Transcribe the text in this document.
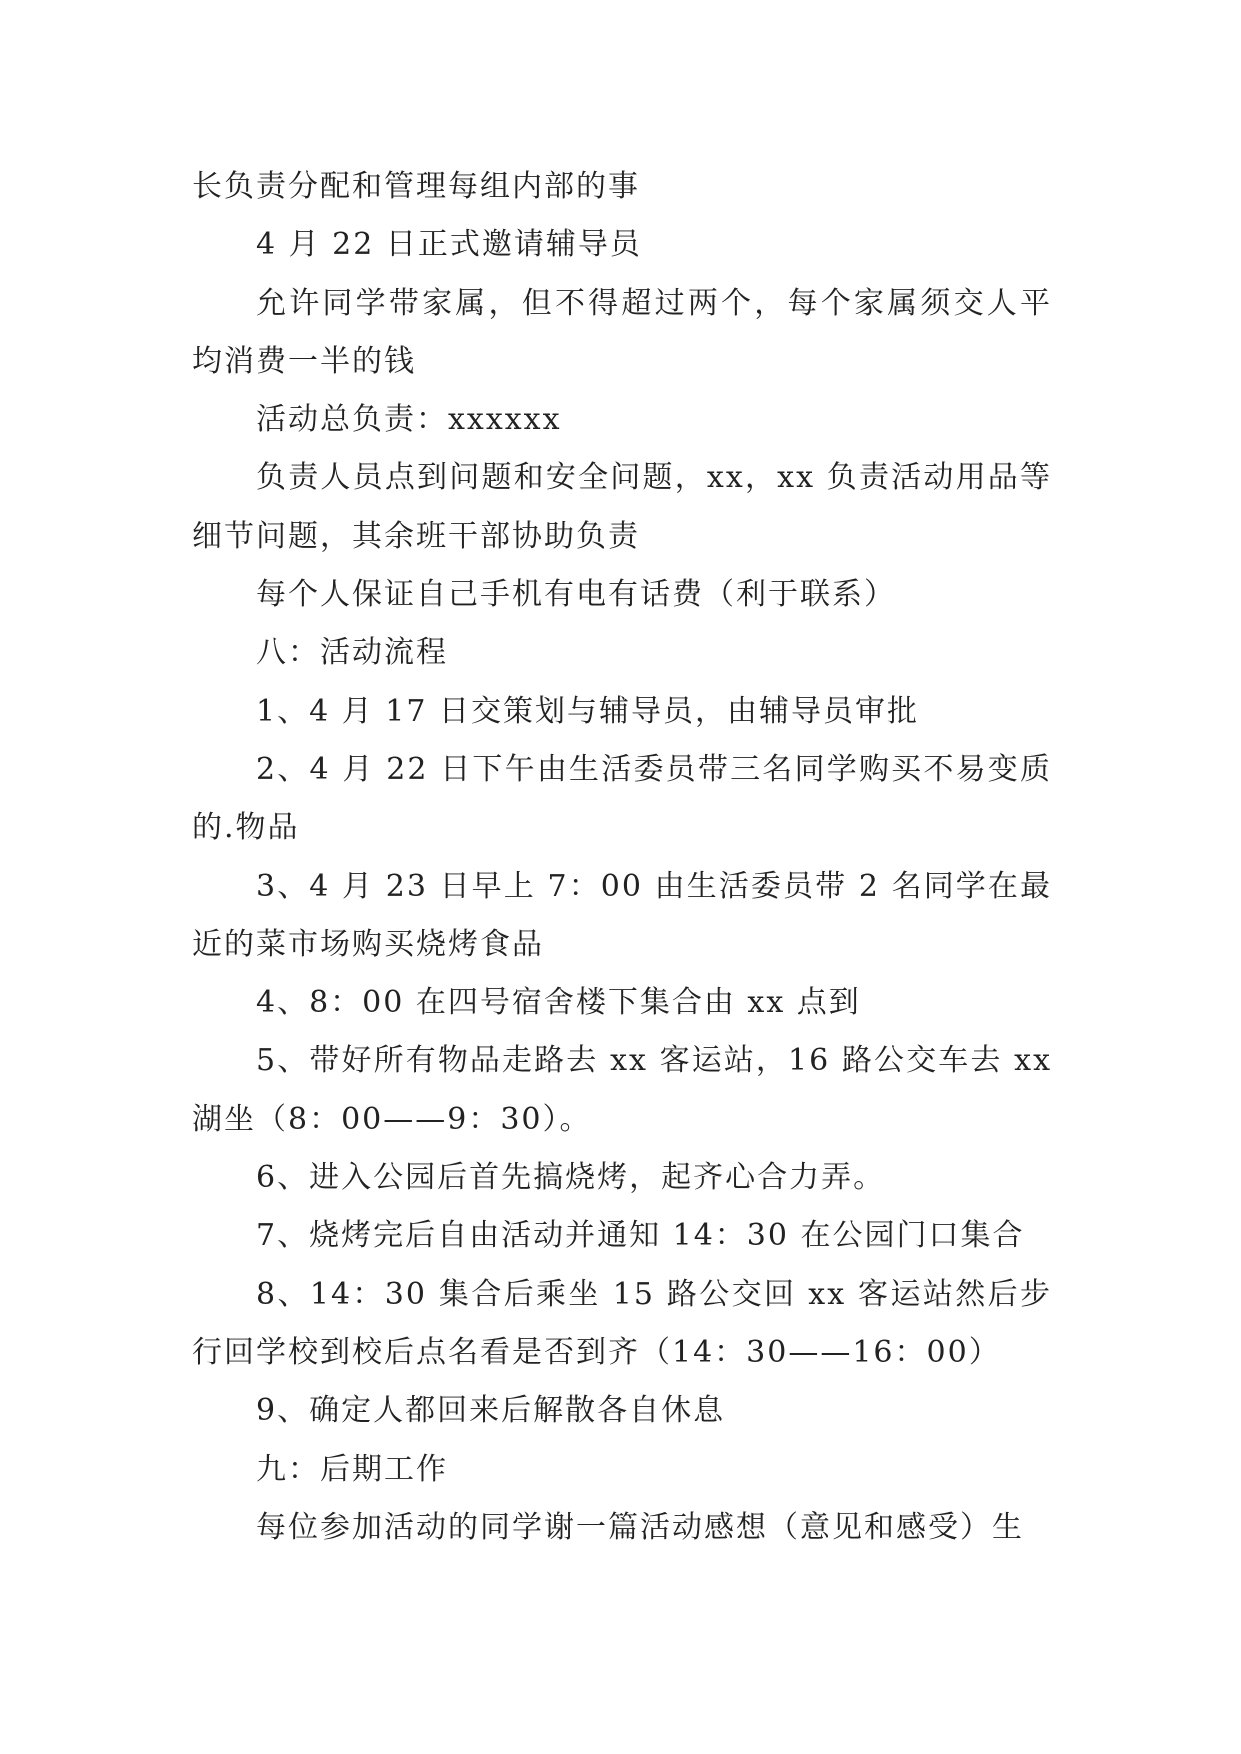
长负责分配和管理每组内部的事

4 月 22 日正式邀请辅导员

允许同学带家属，但不得超过两个，每个家属须交人平均消费一半的钱

活动总负责：xxxxxx

负责人员点到问题和安全问题，xx，xx 负责活动用品等细节问题，其余班干部协助负责

每个人保证自己手机有电有话费（利于联系）

八：活动流程

1、4 月 17 日交策划与辅导员，由辅导员审批

2、4 月 22 日下午由生活委员带三名同学购买不易变质的.物品

3、4 月 23 日早上 7：00 由生活委员带 2 名同学在最近的菜市场购买烧烤食品

4、8：00 在四号宿舍楼下集合由 xx 点到

5、带好所有物品走路去 xx 客运站，16 路公交车去 xx 湖坐（8：00——9：30）。

6、进入公园后首先搞烧烤，起齐心合力弄。

7、烧烤完后自由活动并通知 14：30 在公园门口集合

8、14：30 集合后乘坐 15 路公交回 xx 客运站然后步行回学校到校后点名看是否到齐（14：30——16：00）

9、确定人都回来后解散各自休息

九：后期工作

每位参加活动的同学谢一篇活动感想（意见和感受）生
